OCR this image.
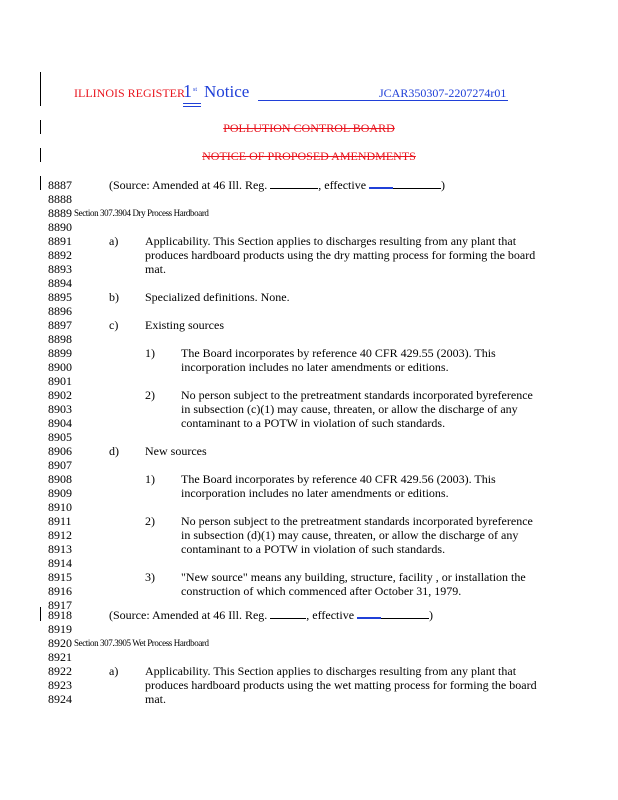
ILLINOIS REGISTER
1 st Notice	JCAR350307-2207274r01
POLLUTION CONTROL BOARD
NOTICE OF PROPOSED AMENDMENTS
8887
8888
8889
8890
8891
8892
8893
8894
8895
8896
8897
8898
8899
8900
8901
8902
8903
8904
8905
8906
8907
8908
8909
8910
8911
8912
8913
8914
8915
8916
8917
8918
8919
8920
8921
8922
8923
8924
(Source: Amended at 46 Ill. Reg.	, effective	)
Section 307.3904 Dry Process Hardboard
a) Applicability. This Section applies to discharges resulting from any plant that
produces hardboard products using the dry matting process for forming the board
mat.
b) Specialized definitions. None.
c) Existing sources
1) The Board incorporates by reference 40 CFR 429.55 (2003). This
incorporation includes no later amendments or editions.
2) No person subject to the pretreatment standards incorporated byreference
in subsection (c)(1) may cause, threaten, or allow the discharge of any
contaminant to a POTW in violation of such standards.
d) New sources
1) The Board incorporates by reference 40 CFR 429.56 (2003). This
incorporation includes no later amendments or editions.
2) No person subject to the pretreatment standards incorporated byreference
in subsection (d)(1) may cause, threaten, or allow the discharge of any
contaminant to a POTW in violation of such standards.
3) "New source" means any building, structure, facility , or installation the
construction of which commenced after October 31, 1979.
(Source: Amended at 46 Ill. Reg.	, effective	)
Section 307.3905 Wet Process Hardboard
a) Applicability. This Section applies to discharges resulting from any plant that
produces hardboard products using the wet matting process for forming the board
mat.
